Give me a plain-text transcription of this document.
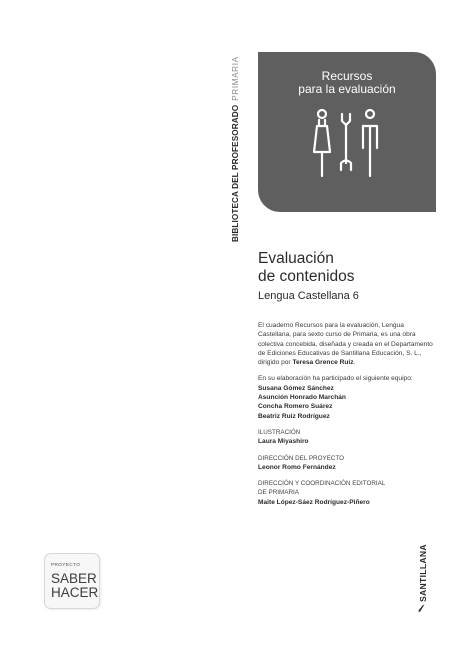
BIBLIOTECA DEL PROFESORADOPRIMARIA	Recursos
para la evaluación
Evaluación
de contenidos
Lengua Castellana 6
El cuaderno Recursos para la evaluación, Lengua Castellana, para sexto curso de Primaria, es una obra colectiva concebida, diseñada y creada en el Departamento de Ediciones Educativas de Santillana Educación, S. L., dirigido por Teresa Grence Ruiz.
En su elaboración ha participado el siguiente equipo:
Susana Gómez Sánchez
Asunción Honrado Marchán
Concha Romero Suárez
Beatriz Ruiz Rodríguez
ILUSTRACIÓN
Laura Miyashiro
DIRECCIÓN DEL PROYECTO
Leonor Romo Fernández
DIRECCIÓN Y COORDINACIÓN EDITORIAL
DE PRIMARIA
Maite López-Sáez Rodríguez-Piñero
PROYECTO
SABER
HACER	SANTILLANA
